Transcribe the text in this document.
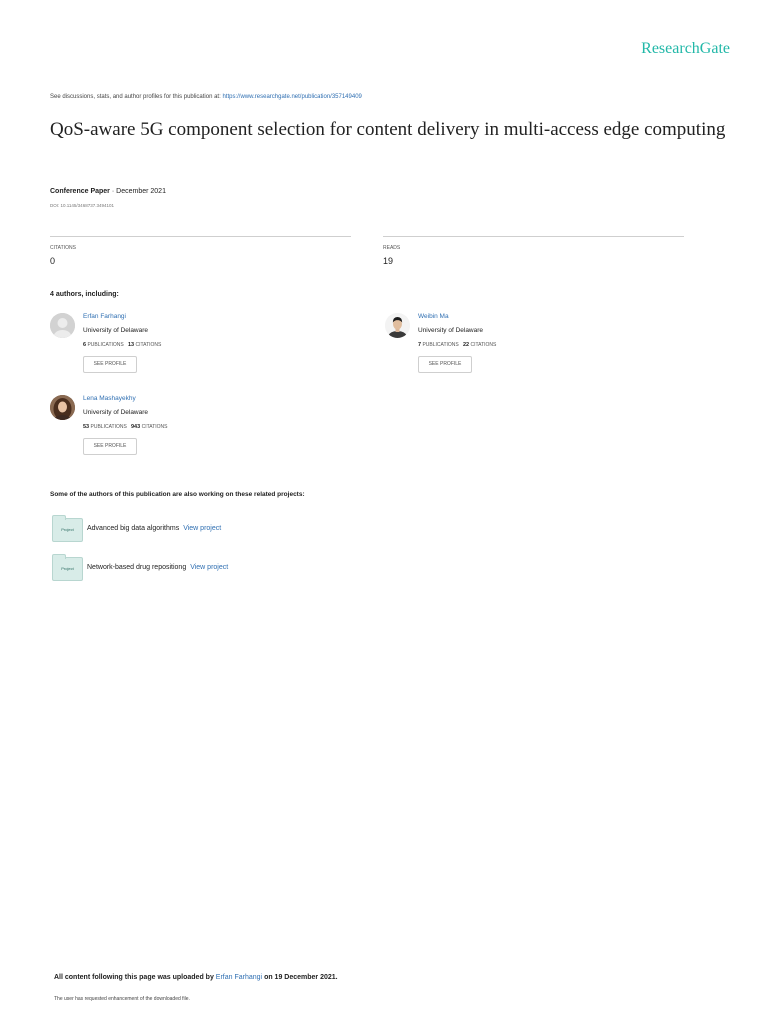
ResearchGate
See discussions, stats, and author profiles for this publication at: https://www.researchgate.net/publication/357149409
QoS-aware 5G component selection for content delivery in multi-access edge computing
Conference Paper · December 2021
DOI: 10.1145/3468737.3494101
CITATIONS
0
READS
19
4 authors, including:
Erfan Farhangi
University of Delaware
6 PUBLICATIONS 13 CITATIONS
SEE PROFILE
Weibin Ma
University of Delaware
7 PUBLICATIONS 22 CITATIONS
SEE PROFILE
Lena Mashayekhy
University of Delaware
53 PUBLICATIONS 943 CITATIONS
SEE PROFILE
Some of the authors of this publication are also working on these related projects:
Project	Advanced big data algorithms View project
Project	Network-based drug repositiong View project
All content following this page was uploaded by Erfan Farhangi on 19 December 2021.
The user has requested enhancement of the downloaded file.
